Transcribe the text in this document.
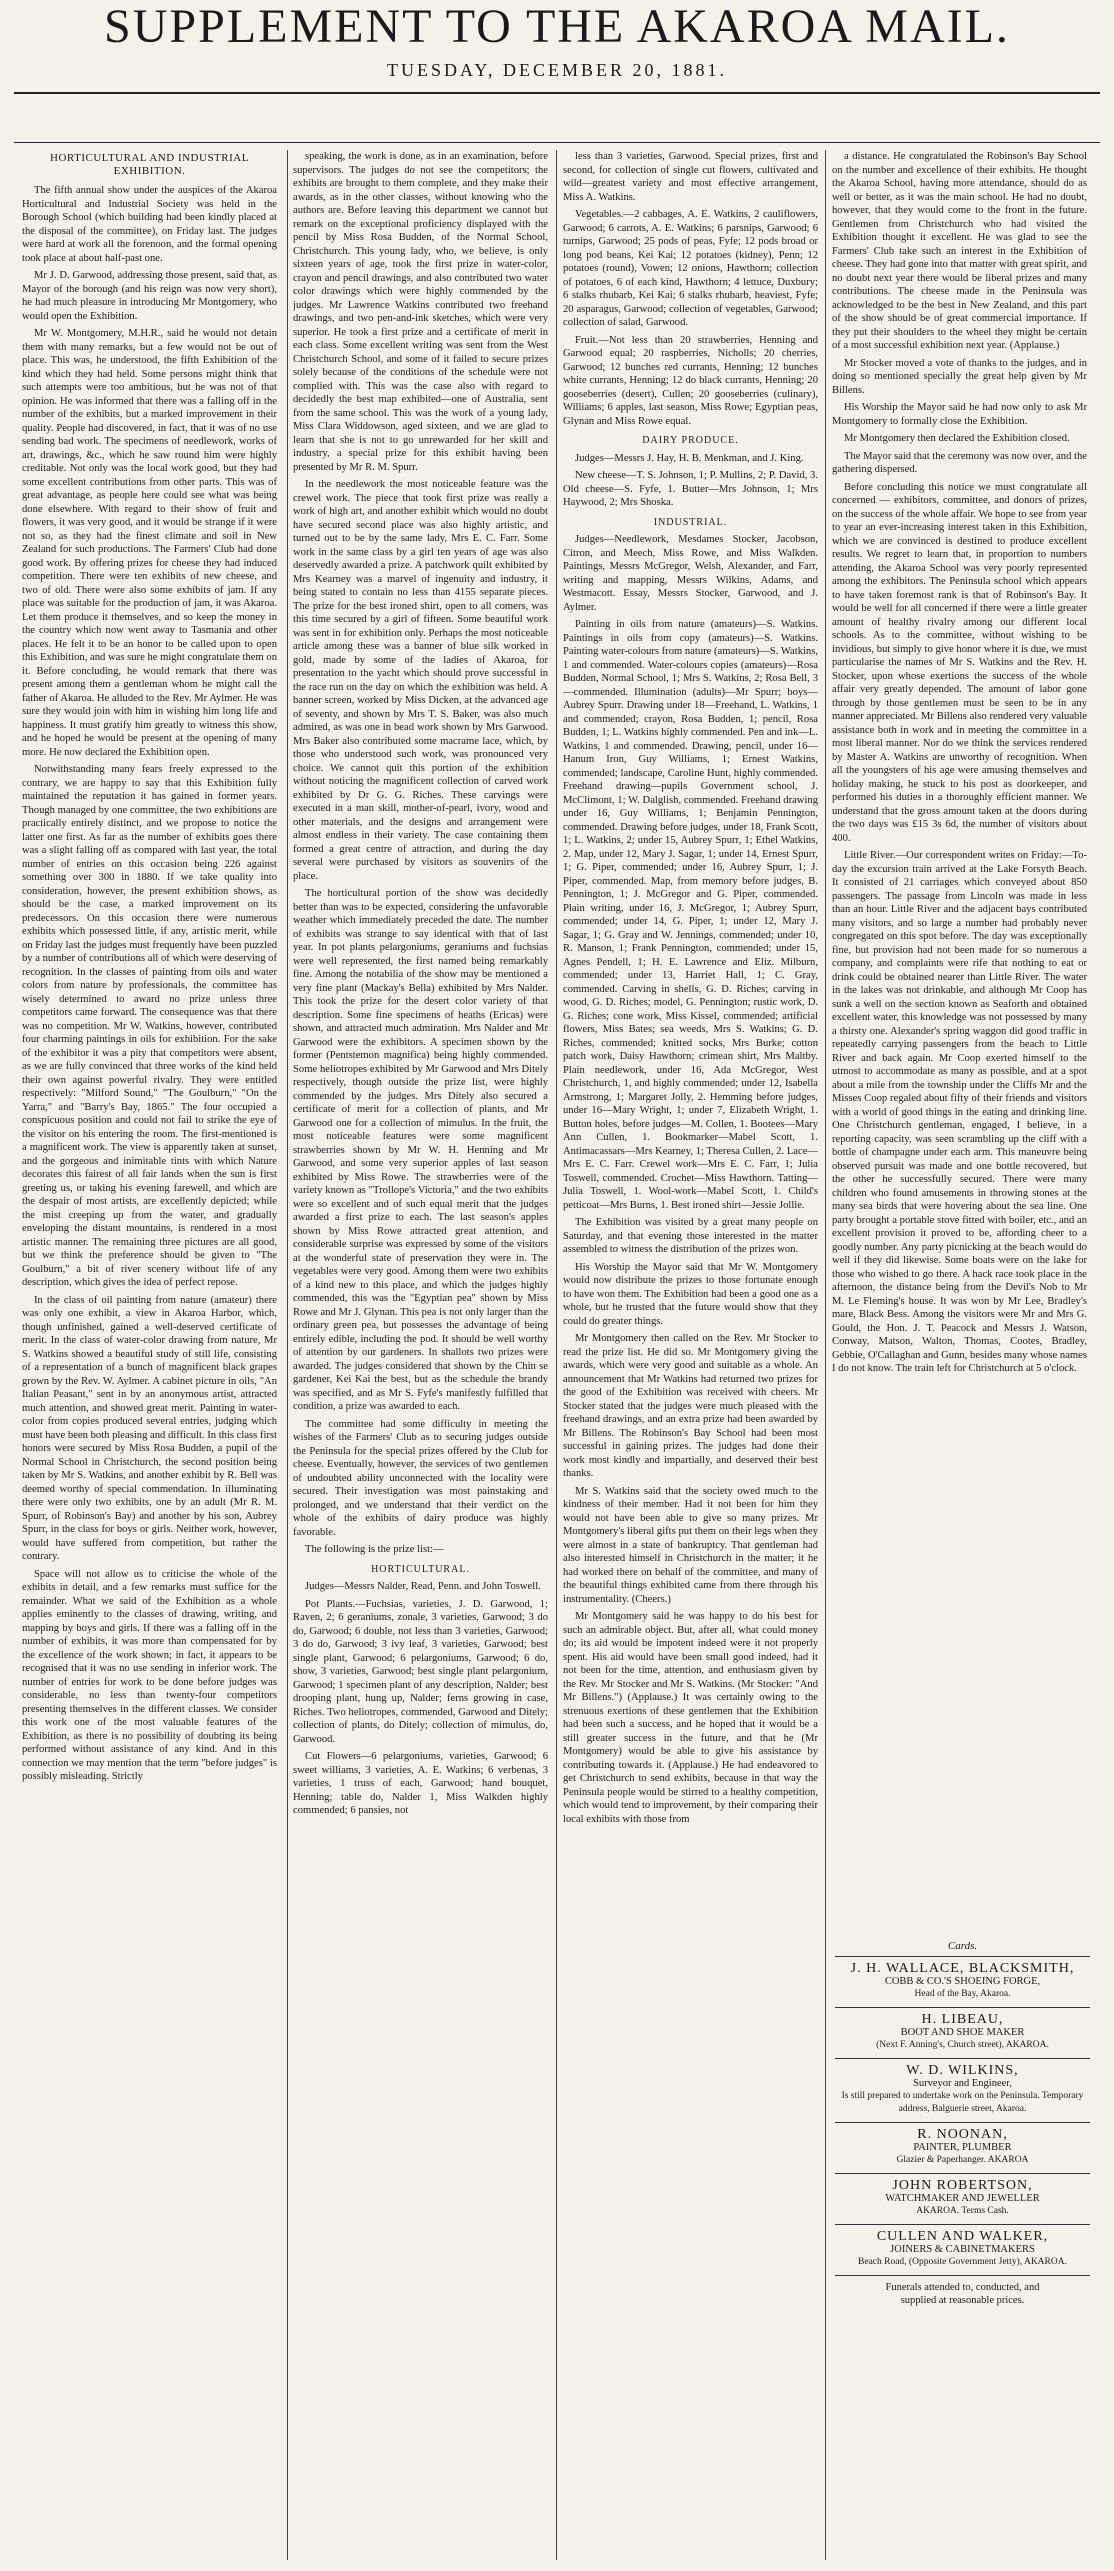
SUPPLEMENT TO THE AKAROA MAIL.
TUESDAY, DECEMBER 20, 1881.
HORTICULTURAL AND INDUSTRIAL EXHIBITION.

The fifth annual show under the auspices of the Akaroa Horticultural and Industrial Society was held in the Borough School (which building had been kindly placed at the disposal of the committee), on Friday last. The judges were hard at work all the forenoon, and the formal opening took place at about half-past one.

Mr J. D. Garwood, addressing those present, said that, as Mayor of the borough (and his reign was now very short), he had much pleasure in introducing Mr Montgomery, who would open the Exhibition.

Mr W. Montgomery, M.H.R., said he would not detain them with many remarks, but a few would not be out of place. This was, he understood, the fifth Exhibition of the kind which they had held. Some persons might think that such attempts were too ambitious, but he was not of that opinion. He was informed that there was a falling off in the number of the exhibits, but a marked improvement in their quality. People had discovered, in fact, that it was of no use sending bad work. The specimens of needlework, works of art, drawings, &c., which he saw round him were highly creditable. Not only was the local work good, but they had some excellent contributions from other parts. This was of great advantage, as people here could see what was being done elsewhere. With regard to their show of fruit and flowers, it was very good, and it would be strange if it were not so, as they had the finest climate and soil in New Zealand for such productions. The Farmers' Club had done good work. By offering prizes for cheese they had induced competition. There were ten exhibits of new cheese, and two of old. There were also some exhibits of jam. If any place was suitable for the production of jam, it was Akaroa. Let them produce it themselves, and so keep the money in the country which now went away to Tasmania and other places. He felt it to be an honor to be called upon to open this Exhibition, and was sure he might congratulate them on it. Before concluding, he would remark that there was present among them a gentleman whom he might call the father of Akaroa. He alluded to the Rev. Mr Aylmer. He was sure they would join with him in wishing him long life and happiness. It must gratify him greatly to witness this show, and he hoped he would be present at the opening of many more. He now declared the Exhibition open.

Notwithstanding many fears freely expressed to the contrary, we are happy to say that this Exhibition fully maintained the reputation it has gained in former years. Though managed by one committee, the two exhibitions are practically entirely distinct, and we propose to notice the latter one first. As far as the number of exhibits goes there was a slight falling off as compared with last year, the total number of entries on this occasion being 226 against something over 300 in 1880. If we take quality into consideration, however, the present exhibition shows, as should be the case, a marked improvement on its predecessors. On this occasion there were numerous exhibits which possessed little, if any, artistic merit, while on Friday last the judges must frequently have been puzzled by a number of contributions all of which were deserving of recognition. In the classes of painting from oils and water colors from nature by professionals, the committee has wisely determined to award no prize unless three competitors came forward. The consequence was that there was no competition. Mr W. Watkins, however, contributed four charming paintings in oils for exhibition. For the sake of the exhibitor it was a pity that competitors were absent, as we are fully convinced that three works of the kind held their own against powerful rivalry. They were entitled respectively: "Milford Sound," "The Goulburn," "On the Yarra," and "Barry's Bay, 1865." The four occupied a conspicuous position and could not fail to strike the eye of the visitor on his entering the room. The first-mentioned is a magnificent work. The view is apparently taken at sunset, and the gorgeous and inimitable tints with which Nature decorates this fairest of all fair lands when the sun is first greeting us, or taking his evening farewell, and which are the despair of most artists, are excellently depicted; while the mist creeping up from the water, and gradually enveloping the distant mountains, is rendered in a most artistic manner. The remaining three pictures are all good, but we think the preference should be given to "The Goulburn," a bit of river scenery without life of any description, which gives the idea of perfect repose.

In the class of oil painting from nature (amateur) there was only one exhibit, a view in Akaroa Harbor, which, though unfinished, gained a well-deserved certificate of merit. In the class of water-color drawing from nature, Mr S. Watkins showed a beautiful study of still life, consisting of a representation of a bunch of magnificent black grapes grown by the Rev. W. Aylmer. A cabinet picture in oils, "An Italian Peasant," sent in by an anonymous artist, attracted much attention, and showed great merit. Painting in water-color from copies produced several entries, judging which must have been both pleasing and difficult. In this class first honors were secured by Miss Rosa Budden, a pupil of the Normal School in Christchurch, the second position being taken by Mr S. Watkins, and another exhibit by R. Bell was deemed worthy of special commendation. In illuminating there were only two exhibits, one by an adult (Mr R. M. Spurr, of Robinson's Bay) and another by his son, Aubrey Spurr, in the class for boys or girls. Neither work, however, would have suffered from competition, but rather the contrary.

Space will not allow us to criticise the whole of the exhibits in detail, and a few remarks must suffice for the remainder. What we said of the Exhibition as a whole applies eminently to the classes of drawing, writing, and mapping by boys and girls. If there was a falling off in the number of exhibits, it was more than compensated for by the excellence of the work shown; in fact, it appears to be recognised that it was no use sending in inferior work. The number of entries for work to be done before judges was considerable, no less than twenty-four competitors presenting themselves in the different classes. We consider this work one of the most valuable features of the Exhibition, as there is no possibility of doubting its being performed without assistance of any kind. And in this connection we may mention that the term "before judges" is possibly misleading. Strictly

speaking, the work is done, as in an examination, before supervisors. The judges do not see the competitors; the exhibits are brought to them complete, and they make their awards, as in the other classes, without knowing who the authors are. Before leaving this department we cannot but remark on the exceptional proficiency displayed with the pencil by Miss Rosa Budden, of the Normal School, Christchurch. This young lady, who, we believe, is only sixteen years of age, took the first prize in water-color, crayon and pencil drawings, and also contributed two water color drawings which were highly commended by the judges. Mr Lawrence Watkins contributed two freehand drawings, and two pen-and-ink sketches, which were very superior. He took a first prize and a certificate of merit in each class. Some excellent writing was sent from the West Christchurch School, and some of it failed to secure prizes solely because of the conditions of the schedule were not complied with. This was the case also with regard to decidedly the best map exhibited—one of Australia, sent from the same school. This was the work of a young lady, Miss Clara Widdowson, aged sixteen, and we are glad to learn that she is not to go unrewarded for her skill and industry, a special prize for this exhibit having been presented by Mr R. M. Spurr.

In the needlework the most noticeable feature was the crewel work. The piece that took first prize was really a work of high art, and another exhibit which would no doubt have secured second place was also highly artistic, and turned out to be by the same lady, Mrs E. C. Farr. Some work in the same class by a girl ten years of age was also deservedly awarded a prize. A patchwork quilt exhibited by Mrs Kearney was a marvel of ingenuity and industry, it being stated to contain no less than 4155 separate pieces. The prize for the best ironed shirt, open to all comers, was this time secured by a girl of fifteen. Some beautiful work was sent in for exhibition only. Perhaps the most noticeable article among these was a banner of blue silk worked in gold, made by some of the ladies of Akaroa, for presentation to the yacht which should prove successful in the race run on the day on which the exhibition was held. A banner screen, worked by Miss Dicken, at the advanced age of seventy, and shown by Mrs T. S. Baker, was also much admired, as was one in bead work shown by Mrs Garwood. Mrs Baker also contributed some macrame lace, which, by those who understood such work, was pronounced very choice. We cannot quit this portion of the exhibition without noticing the magnificent collection of carved work exhibited by Dr G. G. Riches. These carvings were executed in a man skill, mother-of-pearl, ivory, wood and other materials, and the designs and arrangement were almost endless in their variety. The case containing them formed a great centre of attraction, and during the day several were purchased by visitors as souvenirs of the place.

The horticultural portion of the show was decidedly better than was to be expected, considering the unfavorable weather which immediately preceded the date. The number of exhibits was strange to say identical with that of last year. In pot plants pelargoniums, geraniums and fuchsias were well represented, the first named being remarkably fine. Among the notabilia of the show may be mentioned a very fine plant (Mackay's Bella) exhibited by Mrs Nalder. This took the prize for the desert color variety of that description. Some fine specimens of heaths (Ericas) were shown, and attracted much admiration. Mrs Nalder and Mr Garwood were the exhibitors. A specimen shown by the former (Pentstemon magnifica) being highly commended. Some heliotropes exhibited by Mr Garwood and Mrs Ditely respectively, though outside the prize list, were highly commended by the judges. Mrs Ditely also secured a certificate of merit for a collection of plants, and Mr Garwood one for a collection of mimulus. In the fruit, the most noticeable features were some magnificent strawberries shown by Mr W. H. Henning and Mr Garwood, and some very superior apples of last season exhibited by Miss Rowe. The strawberries were of the variety known as "Trollope's Victoria," and the two exhibits were so excellent and of such equal merit that the judges awarded a first prize to each. The last season's apples shown by Miss Rowe attracted great attention, and considerable surprise was expressed by some of the visitors at the wonderful state of preservation they were in. The vegetables were very good. Among them were two exhibits of a kind new to this place, and which the judges highly commended, this was the "Egyptian pea" shown by Miss Rowe and Mr J. Glynan. This pea is not only larger than the ordinary green pea, but possesses the advantage of being entirely edible, including the pod. It should be well worthy of attention by our gardeners. In shallots two prizes were awarded. The judges considered that shown by the Chin se gardener, Kei Kai the best, but as the schedule the brandy was specified, and as Mr S. Fyfe's manifestly fulfilled that condition, a prize was awarded to each.

The committee had some difficulty in meeting the wishes of the Farmers' Club as to securing judges outside the Peninsula for the special prizes offered by the Club for cheese. Eventually, however, the services of two gentlemen of undoubted ability unconnected with the locality were secured. Their investigation was most painstaking and prolonged, and we understand that their verdict on the whole of the exhibits of dairy produce was highly favorable.

The following is the prize list:—

HORTICULTURAL.

Judges—Messrs Nalder, Read, Penn. and John Toswell.

Pot Plants.—Fuchsias, varieties, J. D. Garwood, 1; Raven, 2; 6 geraniums, zonale, 3 varieties, Garwood; 3 do do, Garwood; 6 double, not less than 3 varieties, Garwood; 3 do do, Garwood; 3 ivy leaf, 3 varieties, Garwood; best single plant, Garwood; 6 pelargoniums, Garwood; 6 do, show, 3 varieties, Garwood; best single plant pelargonium, Garwood; 1 specimen plant of any description, Nalder; best drooping plant, hung up, Nalder; ferns growing in case, Riches. Two heliotropes, commended, Garwood and Ditely; collection of plants, do Ditely; collection of mimulus, do, Garwood.

Cut Flowers—6 pelargoniums, varieties, Garwood; 6 sweet williams, 3 varieties, A. E. Watkins; 6 verbenas, 3 varieties, 1 truss of each, Garwood; hand bouquet, Henning; table do, Nalder 1, Miss Walkden highly commended; 6 pansies, not

less than 3 varieties, Garwood. Special prizes, first and second, for collection of single cut flowers, cultivated and wild—greatest variety and most effective arrangement, Miss A. Watkins.

Vegetables.—2 cabbages, A. E. Watkins, 2 cauliflowers, Garwood; 6 carrots, A. E. Watkins; 6 parsnips, Garwood; 6 turnips, Garwood; 25 pods of peas, Fyfe; 12 pods broad or long pod beans, Kei Kai; 12 potatoes (kidney), Penn; 12 potatoes (round), Vowen; 12 onions, Hawthorn; collection of potatoes, 6 of each kind, Hawthorn; 4 lettuce, Duxbury; 6 stalks rhubarb, Kei Kai; 6 stalks rhubarb, heaviest, Fyfe; 20 asparagus, Garwood; collection of vegetables, Garwood; collection of salad, Garwood.

Fruit.—Not less than 20 strawberries, Henning and Garwood equal; 20 raspberries, Nicholls; 20 cherries, Garwood; 12 bunches red currants, Henning; 12 bunches white currants, Henning; 12 do black currants, Henning; 20 gooseberries (desert), Cullen; 20 gooseberries (culinary), Williams; 6 apples, last season, Miss Rowe; Egyptian peas, Glynan and Miss Rowe equal.

DAIRY PRODUCE.

Judges—Messrs J. Hay, H. B. Menkman, and J. King.

New cheese—T. S. Johnson, 1; P. Mullins, 2; P. David, 3. Old cheese—S. Fyfe, 1. Butter—Mrs Johnson, 1; Mrs Haywood, 2; Mrs Shoska.

INDUSTRIAL.

Judges—Needlework, Mesdames Stocker, Jacobson, Citron, and Meech, Miss Rowe, and Miss Walkden. Paintings, Messrs McGregor, Welsh, Alexander, and Farr, writing and mapping, Messrs Wilkins, Adams, and Westmacott. Essay, Messrs Stocker, Garwood, and J. Aylmer.

Painting in oils from nature (amateurs)—S. Watkins. Paintings in oils from copy (amateurs)—S. Watkins. Painting water-colours from nature (amateurs)—S. Watkins, 1 and commended. Water-colours copies (amateurs)—Rosa Budden, Normal School, 1; Mrs S. Watkins, 2; Rosa Bell, 3—commended. Illumination (adults)—Mr Spurr; boys—Aubrey Spurr. Drawing under 18—Freehand, L. Watkins, 1 and commended; crayon, Rosa Budden, 1; pencil, Rosa Budden, 1; L. Watkins highly commended. Pen and ink—L. Watkins, 1 and commended. Drawing, pencil, under 16—Hanum Iron, Guy Williams, 1; Ernest Watkins, commended; landscape, Caroline Hunt, highly commended. Freehand drawing—pupils Government school, J. McClimont, 1; W. Dalglish, commended. Freehand drawing under 16, Guy Williams, 1; Benjamin Pennington, commended. Drawing before judges, under 18, Frank Scott, 1; L. Watkins, 2; under 15, Aubrey Spurr, 1; Ethel Watkins, 2. Map, under 12, Mary J. Sagar, 1; under 14, Ernest Spurr, 1; G. Piper, commended; under 16, Aubrey Spurr, 1; J. Piper, commended. Map, from memory before judges, B. Pennington, 1; J. McGregor and G. Piper, commended. Plain writing, under 16, J. McGregor, 1; Aubrey Spurr, commended; under 14, G. Piper, 1; under 12, Mary J. Sagar, 1; G. Gray and W. Jennings, commended; under 10, R. Manson, 1; Frank Pennington, commended; under 15, Agnes Pendell, 1; H. E. Lawrence and Eliz. Milburn, commended; under 13, Harriet Hall, 1; C. Gray, commended. Carving in shells, G. D. Riches; carving in wood, G. D. Riches; model, G. Pennington; rustic work, D. G. Riches; cone work, Miss Kissel, commended; artificial flowers, Miss Bates; sea weeds, Mrs S. Watkins; G. D. Riches, commended; knitted socks, Mrs Burke; cotton patch work, Daisy Hawthorn; crimean shirt, Mrs Maltby. Plain needlework, under 16, Ada McGregor, West Christchurch, 1, and highly commended; under 12, Isabella Armstrong, 1; Margaret Jolly, 2. Hemming before judges, under 16—Mary Wright, 1; under 7, Elizabeth Wright, 1. Button holes, before judges—M. Collen, 1. Bootees—Mary Ann Cullen, 1. Bookmarker—Mabel Scott, 1. Antimacassars—Mrs Kearney, 1; Theresa Cullen, 2. Lace—Mrs E. C. Farr. Crewel work—Mrs E. C. Farr, 1; Julia Toswell, commended. Crochet—Miss Hawthorn. Tatting—Julia Toswell, 1. Wool-work—Mabel Scott, 1. Child's petticoat—Mrs Burns, 1. Best ironed shirt—Jessie Jollie.

The Exhibition was visited by a great many people on Saturday, and that evening those interested in the matter assembled to witness the distribution of the prizes won.

His Worship the Mayor said that Mr W. Montgomery would now distribute the prizes to those fortunate enough to have won them. The Exhibition had been a good one as a whole, but he trusted that the future would show that they could do greater things.

Mr Montgomery then called on the Rev. Mr Stocker to read the prize list. He did so. Mr Montgomery giving the awards, which were very good and suitable as a whole. An announcement that Mr Watkins had returned two prizes for the good of the Exhibition was received with cheers. Mr Stocker stated that the judges were much pleased with the freehand drawings, and an extra prize had been awarded by Mr Billens. The Robinson's Bay School had been most successful in gaining prizes. The judges had done their work most kindly and impartially, and deserved their best thanks.

Mr S. Watkins said that the society owed much to the kindness of their member. Had it not been for him they would not have been able to give so many prizes. Mr Montgomery's liberal gifts put them on their legs when they were almost in a state of bankruptcy. That gentleman had also interested himself in Christchurch in the matter; it he had worked there on behalf of the committee, and many of the beautiful things exhibited came from there through his instrumentality. (Cheers.)

Mr Montgomery said he was happy to do his best for such an admirable object. But, after all, what could money do; its aid would be impotent indeed were it not properly spent. His aid would have been small good indeed, had it not been for the time, attention, and enthusiasm given by the Rev. Mr Stocker and Mr S. Watkins. (Mr Stocker: "And Mr Billens.") (Applause.) It was certainly owing to the strenuous exertions of these gentlemen that the Exhibition had been such a success, and he hoped that it would be a still greater success in the future, and that he (Mr Montgomery) would be able to give his assistance by contributing towards it. (Applause.) He had endeavored to get Christchurch to send exhibits, because in that way the Peninsula people would be stirred to a healthy competition, which would tend to improvement, by their comparing their local exhibits with those from

a distance. He congratulated the Robinson's Bay School on the number and excellence of their exhibits. He thought the Akaroa School, having more attendance, should do as well or better, as it was the main school. He had no doubt, however, that they would come to the front in the future. Gentlemen from Christchurch who had visited the Exhibition thought it excellent. He was glad to see the Farmers' Club take such an interest in the Exhibition of cheese. They had gone into that matter with great spirit, and no doubt next year there would be liberal prizes and many contributions. The cheese made in the Peninsula was acknowledged to be the best in New Zealand, and this part of the show should be of great commercial importance. If they put their shoulders to the wheel they might be certain of a most successful exhibition next year. (Applause.)

Mr Stocker moved a vote of thanks to the judges, and in doing so mentioned specially the great help given by Mr Billens.

His Worship the Mayor said he had now only to ask Mr Montgomery to formally close the Exhibition.

Mr Montgomery then declared the Exhibition closed.

The Mayor said that the ceremony was now over, and the gathering dispersed.

Before concluding this notice we must congratulate all concerned — exhibitors, committee, and donors of prizes, on the success of the whole affair. We hope to see from year to year an ever-increasing interest taken in this Exhibition, which we are convinced is destined to produce excellent results. We regret to learn that, in proportion to numbers attending, the Akaroa School was very poorly represented among the exhibitors. The Peninsula school which appears to have taken foremost rank is that of Robinson's Bay. It would be well for all concerned if there were a little greater amount of healthy rivalry among our different local schools. As to the committee, without wishing to be invidious, but simply to give honor where it is due, we must particularise the names of Mr S. Watkins and the Rev. H. Stocker, upon whose exertions the success of the whole affair very greatly depended. The amount of labor gone through by those gentlemen must be seen to be in any manner appreciated. Mr Billens also rendered very valuable assistance both in work and in meeting the committee in a most liberal manner. Nor do we think the services rendered by Master A. Watkins are unworthy of recognition. When all the youngsters of his age were amusing themselves and holiday making, he stuck to his post as doorkeeper, and performed his duties in a thoroughly efficient manner. We understand that the gross amount taken at the doors during the two days was £15 3s 6d, the number of visitors about 400.

Little River.—Our correspondent writes on Friday:—To-day the excursion train arrived at the Lake Forsyth Beach. It consisted of 21 carriages which conveyed about 850 passengers. The passage from Lincoln was made in less than an hour. Little River and the adjacent bays contributed many visitors, and so large a number had probably never congregated on this spot before. The day was exceptionally fine, but provision had not been made for so numerous a company, and complaints were rife that nothing to eat or drink could be obtained nearer than Little River. The water in the lakes was not drinkable, and although Mr Coop has sunk a well on the section known as Seaforth and obtained excellent water, this knowledge was not possessed by many a thirsty one. Alexander's spring waggon did good traffic in repeatedly carrying passengers from the beach to Little River and back again. Mr Coop exerted himself to the utmost to accommodate as many as possible, and at a spot about a mile from the township under the Cliffs Mr and the Misses Coop regaled about fifty of their friends and visitors with a world of good things in the eating and drinking line. One Christchurch gentleman, engaged, I believe, in a reporting capacity, was seen scrambling up the cliff with a bottle of champagne under each arm. This maneuvre being observed pursuit was made and one bottle recovered, but the other he successfully secured. There were many children who found amusements in throwing stones at the many sea birds that were hovering about the sea line. One party brought a portable stove fitted with boiler, etc., and an excellent provision it proved to be, affording cheer to a goodly number. Any party picnicking at the beach would do well if they did likewise. Some boats were on the lake for those who wished to go there. A hack race took place in the afternoon, the distance being from the Devil's Nob to Mr M. Le Fleming's house. It was won by Mr Lee, Bradley's mare, Black Bess. Among the visitors were Mr and Mrs G. Gould, the Hon. J. T. Peacock and Messrs J. Watson, Conway, Matson, Walton, Thomas, Cootes, Bradley, Gebbie, O'Callaghan and Gunn, besides many whose names I do not know. The train left for Christchurch at 5 o'clock.

Cards.
J. H. WALLACE, BLACKSMITH,
COBB & CO.'S SHOEING FORGE,
Head of the Bay, Akaroa.
H. LIBEAU,
BOOT AND SHOE MAKER
(Next F. Anning's, Church street), AKAROA.
W. D. WILKINS,
Surveyor and Engineer,
Is still prepared to undertake work on the Peninsula. Temporary address, Balguerie street, Akaroa.
R. NOONAN,
PAINTER, PLUMBER
Glazier & Paperhanger. AKAROA
JOHN ROBERTSON,
WATCHMAKER AND JEWELLER
AKAROA. Terms Cash.
CULLEN AND WALKER,
JOINERS & CABINETMAKERS
Beach Road, (Opposite Government Jetty), AKAROA.
Funerals attended to, conducted, and
supplied at reasonable prices.
